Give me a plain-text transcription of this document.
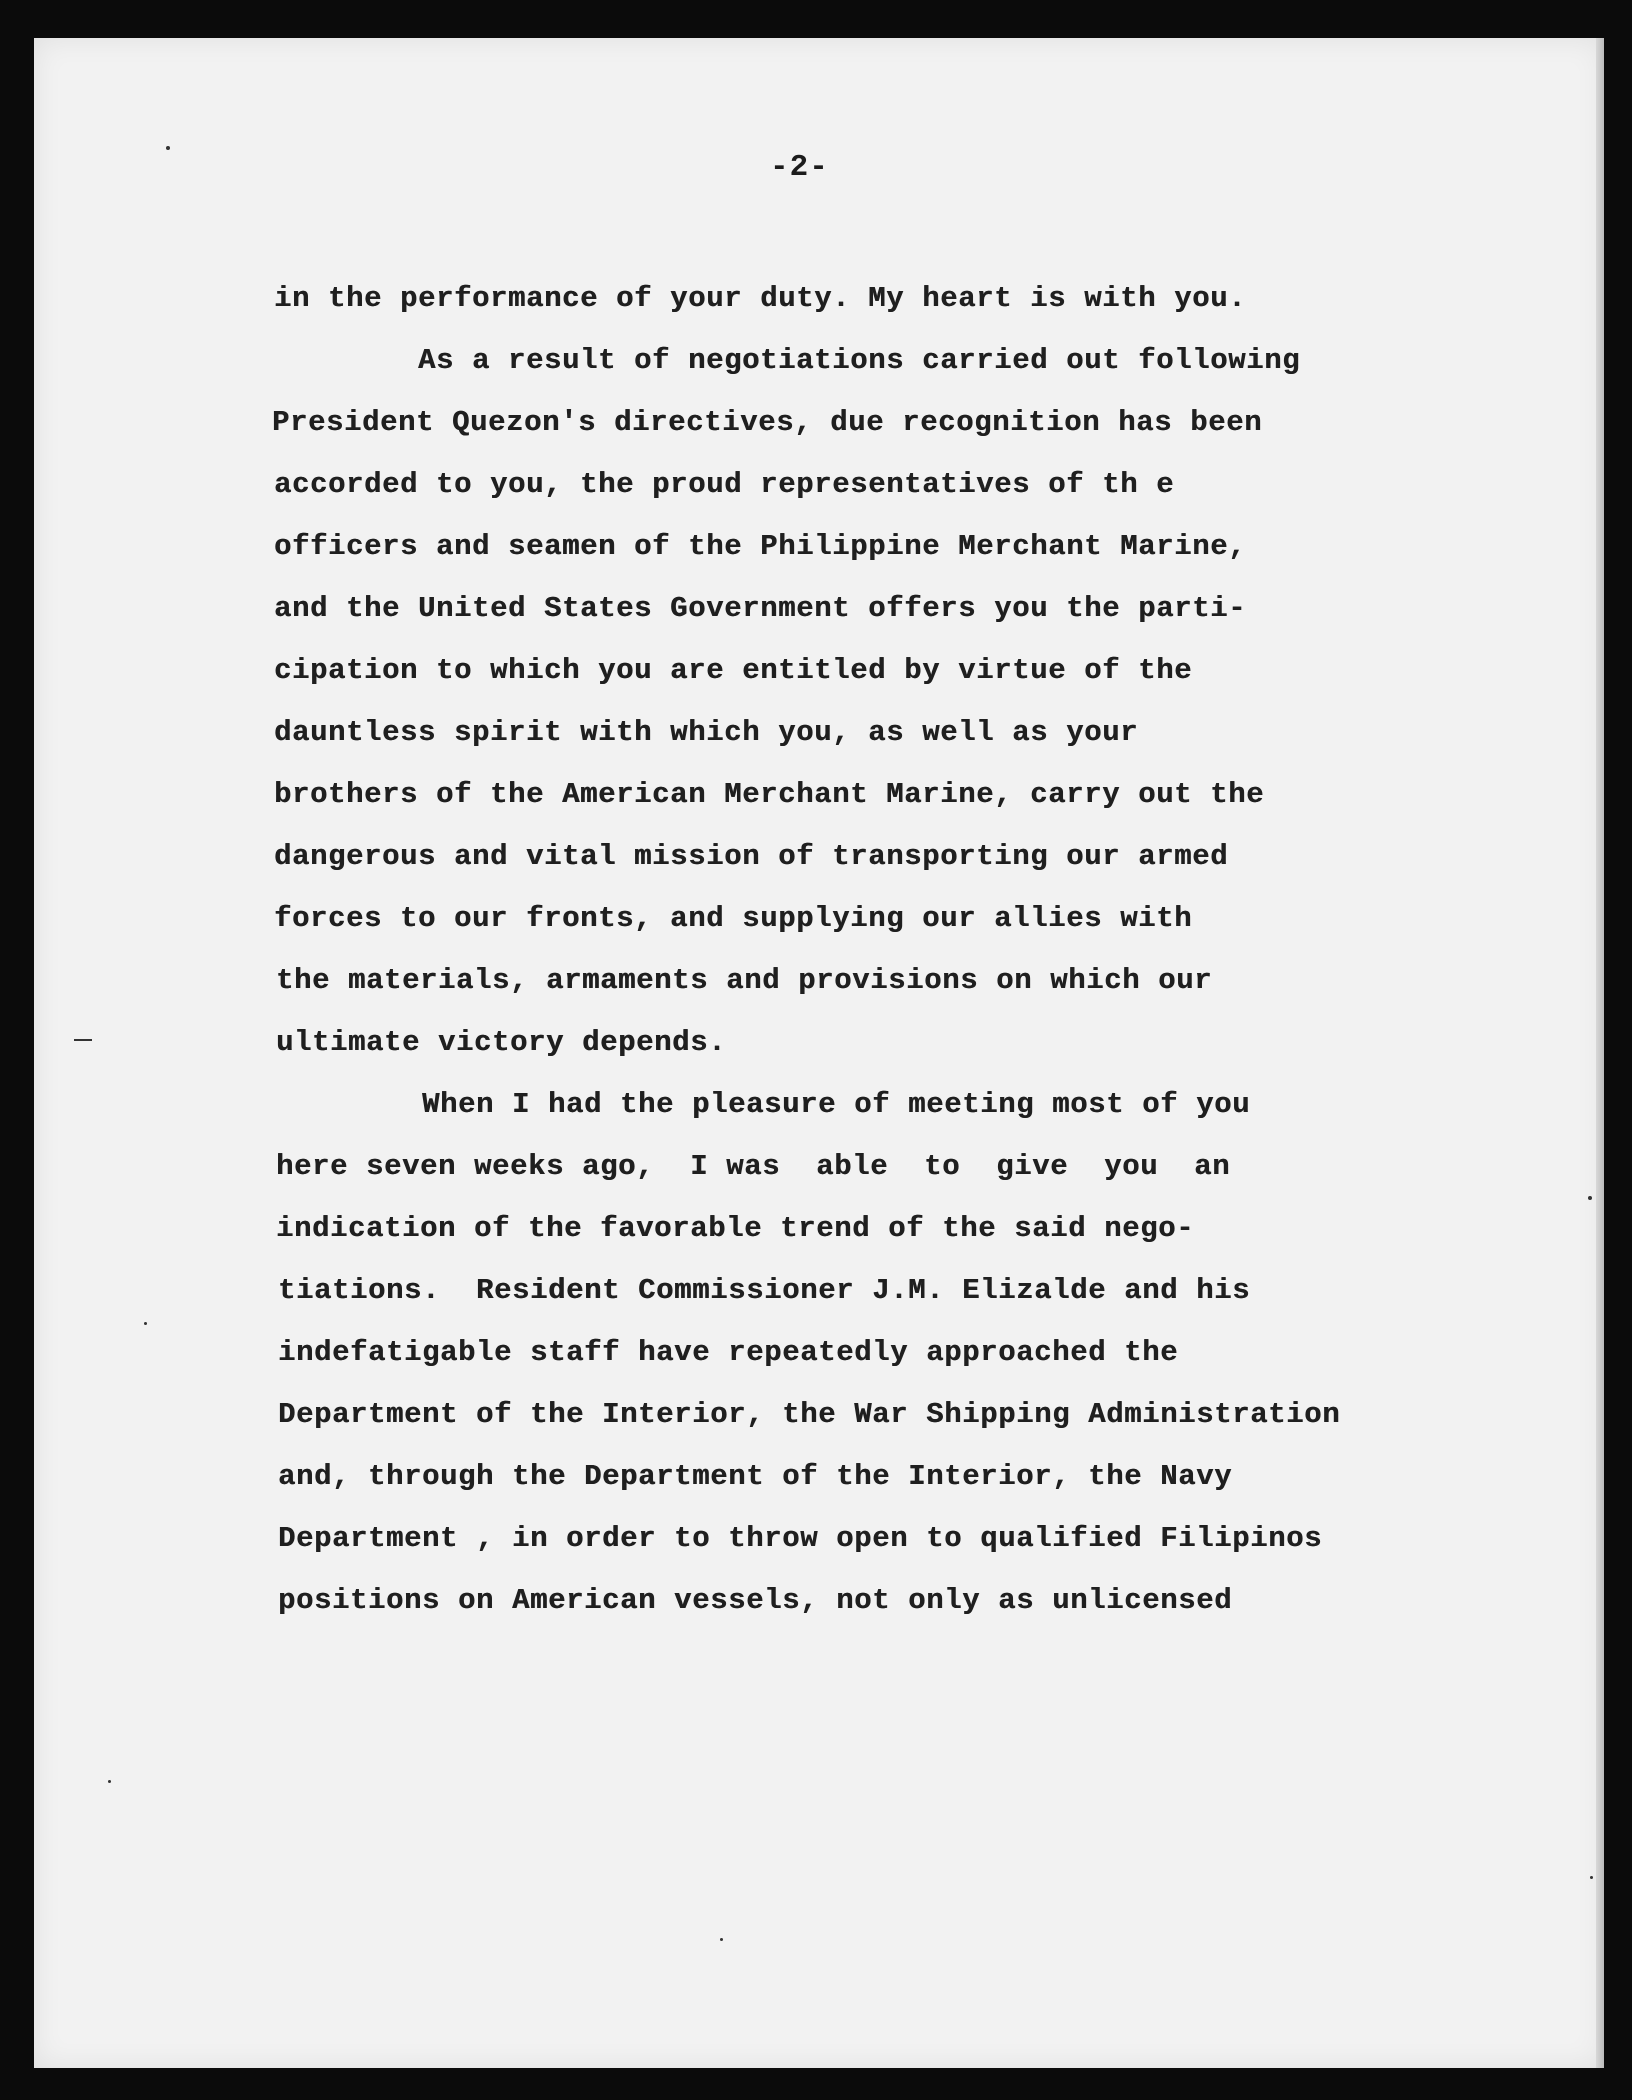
-2-
in the performance of your duty. My heart is with you.
As a result of negotiations carried out following
President Quezon's directives, due recognition has been
accorded to you, the proud representatives of th e
officers and seamen of the Philippine Merchant Marine,
and the United States Government offers you the parti-
cipation to which you are entitled by virtue of the
dauntless spirit with which you, as well as your
brothers of the American Merchant Marine, carry out the
dangerous and vital mission of transporting our armed
forces to our fronts, and supplying our allies with
the materials, armaments and provisions on which our
ultimate victory depends.
When I had the pleasure of meeting most of you
here seven weeks ago,  I was  able  to  give  you  an
indication of the favorable trend of the said nego-
tiations.  Resident Commissioner J.M. Elizalde and his
indefatigable staff have repeatedly approached the
Department of the Interior, the War Shipping Administration
and, through the Department of the Interior, the Navy
Department , in order to throw open to qualified Filipinos
positions on American vessels, not only as unlicensed
